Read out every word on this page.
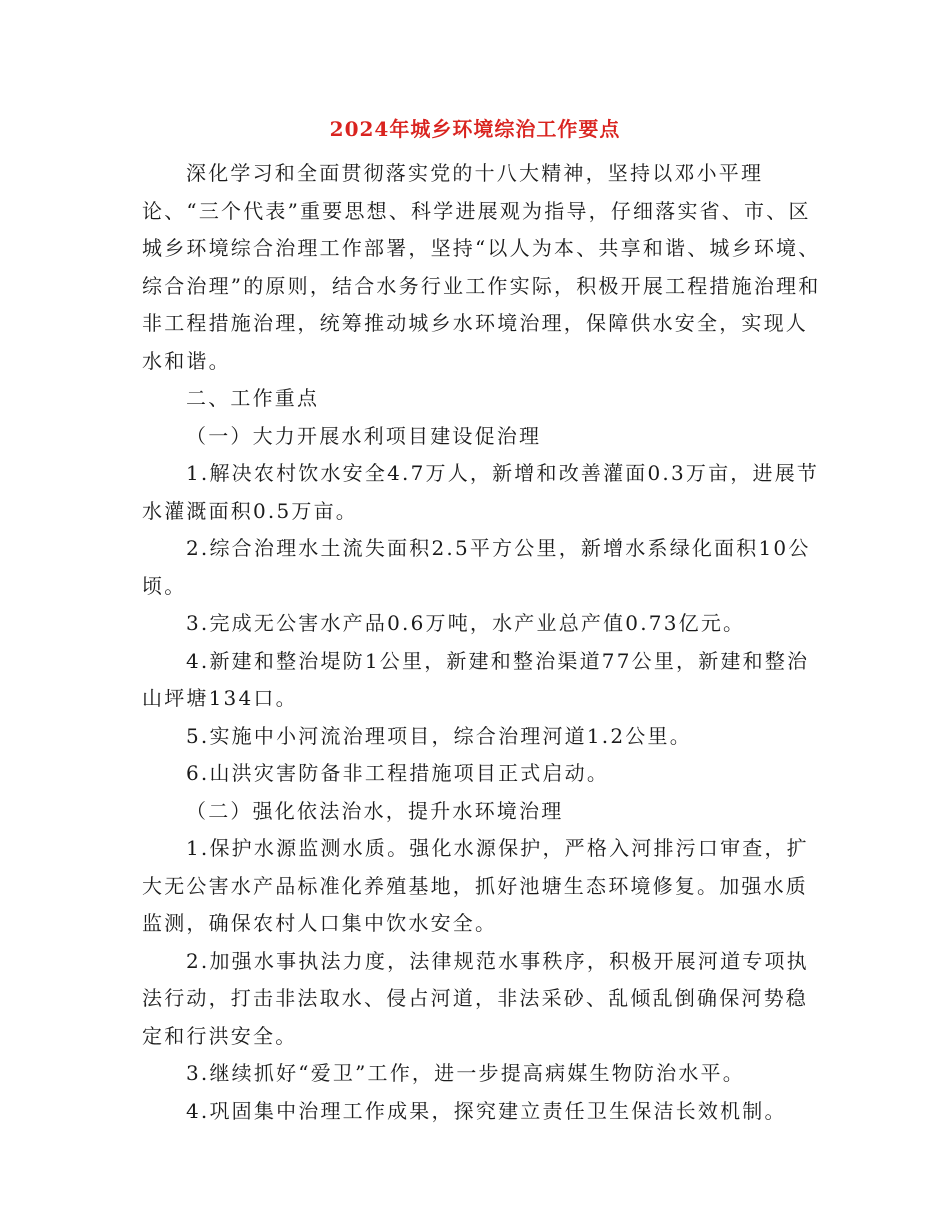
2024年城乡环境综治工作要点

深化学习和全面贯彻落实党的十八大精神，坚持以邓小平理论、“三个代表”重要思想、科学进展观为指导，仔细落实省、市、区城乡环境综合治理工作部署，坚持“以人为本、共享和谐、城乡环境、综合治理”的原则，结合水务行业工作实际，积极开展工程措施治理和非工程措施治理，统筹推动城乡水环境治理，保障供水安全，实现人水和谐。

二、工作重点

（一）大力开展水利项目建设促治理

1.解决农村饮水安全4.7万人，新增和改善灌面0.3万亩，进展节水灌溉面积0.5万亩。

2.综合治理水土流失面积2.5平方公里，新增水系绿化面积10公顷。

3.完成无公害水产品0.6万吨，水产业总产值0.73亿元。

4.新建和整治堤防1公里，新建和整治渠道77公里，新建和整治山坪塘134口。

5.实施中小河流治理项目，综合治理河道1.2公里。

6.山洪灾害防备非工程措施项目正式启动。

（二）强化依法治水，提升水环境治理

1.保护水源监测水质。强化水源保护，严格入河排污口审查，扩大无公害水产品标准化养殖基地，抓好池塘生态环境修复。加强水质监测，确保农村人口集中饮水安全。

2.加强水事执法力度，法律规范水事秩序，积极开展河道专项执法行动，打击非法取水、侵占河道，非法采砂、乱倾乱倒确保河势稳定和行洪安全。

3.继续抓好“爱卫”工作，进一步提高病媒生物防治水平。

4.巩固集中治理工作成果，探究建立责任卫生保洁长效机制。
